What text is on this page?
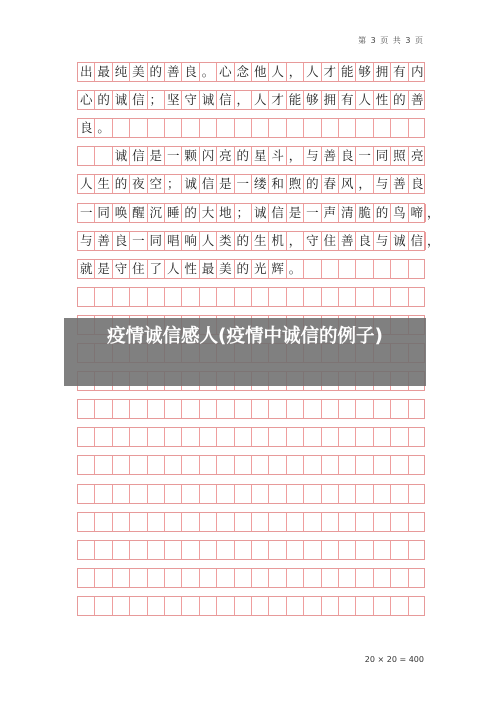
第 3 页 共 3 页
出 最 纯 美 的 善 良 。 心 念 他 人 ， 人 才 能 够 拥 有 内
心 的 诚 信 ； 坚 守 诚 信 ， 人 才 能 够 拥 有 人 性 的 善
良 。
诚 信 是 一 颗 闪 亮 的 星 斗 ， 与 善 良 一 同 照 亮
人 生 的 夜 空 ； 诚 信 是 一 缕 和 煦 的 春 风 ， 与 善 良
一 同 唤 醒 沉 睡 的 大 地 ； 诚 信 是 一 声 清 脆 的 鸟 啼 ，
与 善 良 一 同 唱 响 人 类 的 生 机 ， 守 住 善 良 与 诚 信 ，
就 是 守 住 了 人 性 最 美 的 光 辉 。
疫情诚信感人(疫情中诚信的例子)
20 × 20 = 400
